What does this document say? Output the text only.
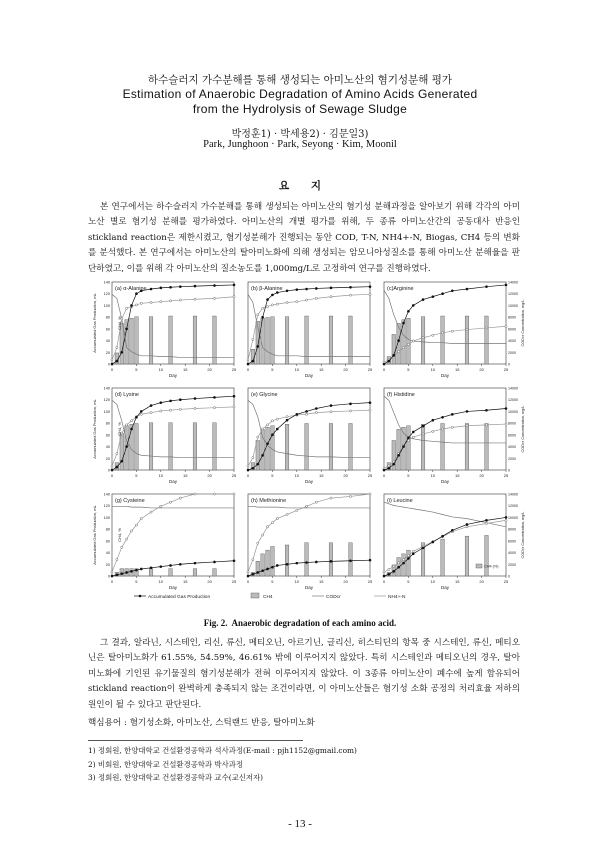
하수슬러지 가수분해를 통해 생성되는 아미노산의 혐기성분해 평가
Estimation of Anaerobic Degradation of Amino Acids Generated
from the Hydrolysis of Sewage Sludge
박정훈1) · 박세용2) · 김문일3)
Park, Junghoon · Park, Seyong · Kim, Moonil
요 지

본 연구에서는 하수슬러지 가수분해를 통해 생성되는 아미노산의 혐기성 분해과정을 알아보기 위해 각각의 아미노산 별로 혐기성 분해를 평가하였다. 아미노산의 개별 평가를 위해, 두 종류 아미노산간의 공동대사 반응인 stickland reaction은 제한시켰고, 혐기성분해가 진행되는 동안 COD, T-N, NH4+-N, Biogas, CH4 등의 변화를 분석했다. 본 연구에서는 아미노산의 탈아미노화에 의해 생성되는 암모니아성질소를 통해 아미노산 분해율을 판단하였고, 이를 위해 각 아미노산의 질소농도를 1,000mg/L로 고정하여 연구를 진행하였다.

(a) α-Alanine
0	5	10	15	20	25
Day
0
20
40
60
80
100
120
140
Accumulated Gas Production, mL	CH4, %
(b) β-Alanine
0	5	10	15	20	25
Day
(c)Arginine
0	5	10	15	20	25
Day
0
2000
4000
6000
8000
10000
12000
14000
CODcr Concentration, mg/L
(d) Lysine
0	5	10	15	20	25
Day
0
20
40
60
80
100
120
140
Accumulated Gas Production, mL	CH4, %
(e) Glycine
0	5	10	15	20	25
Day
(f) Histidine
0	5	10	15	20	25
Day
0
2000
4000
6000
8000
10000
12000
14000
CODcr Concentration, mg/L
(g) Cysteine
0	5	10	15	20	25
Day
0
20
40
60
80
100
120
140
Accumulated Gas Production, mL	CH4, %
(h) Methionine
0	5	10	15	20	25
Day
(i) Leucine
0	5	10	15	20	25
Day
0
2000
4000
6000
8000
10000
12000
14000
CODcr Concentration, mg/L
CH4 (%)
Accumulated Gas Production	CH4	CODcr	NH4+-N
Fig. 2. Anaerobic degradation of each amino acid.

그 결과, 알라닌, 시스테인, 리신, 류신, 메티오닌, 아르기닌, 글리신, 히스티딘의 항목 중 시스테인, 류신, 메티오닌은 탈아미노화가 61.55%, 54.59%, 46.61% 밖에 이루어지지 않았다. 특히 시스테인과 메티오닌의 경우, 탈아미노화에 기인된 유기물질의 혐기성분해가 전혀 이루어지지 않았다. 이 3종류 아미노산이 폐수에 높게 함유되어 stickland reaction이 완벽하게 충족되지 않는 조건이라면, 이 아미노산들은 혐기성 소화 공정의 처리효율 저하의 원인이 될 수 있다고 판단된다.

핵심용어 : 혐기성소화, 아미노산, 스틱랜드 반응, 탈아미노화
1) 정회원, 한양대학교 건설환경공학과 석사과정(E-mail : pjh1152@gmail.com)
2) 비회원, 한양대학교 건설환경공학과 박사과정
3) 정회원, 한양대학교 건설환경공학과 교수(교신저자)
- 13 -
